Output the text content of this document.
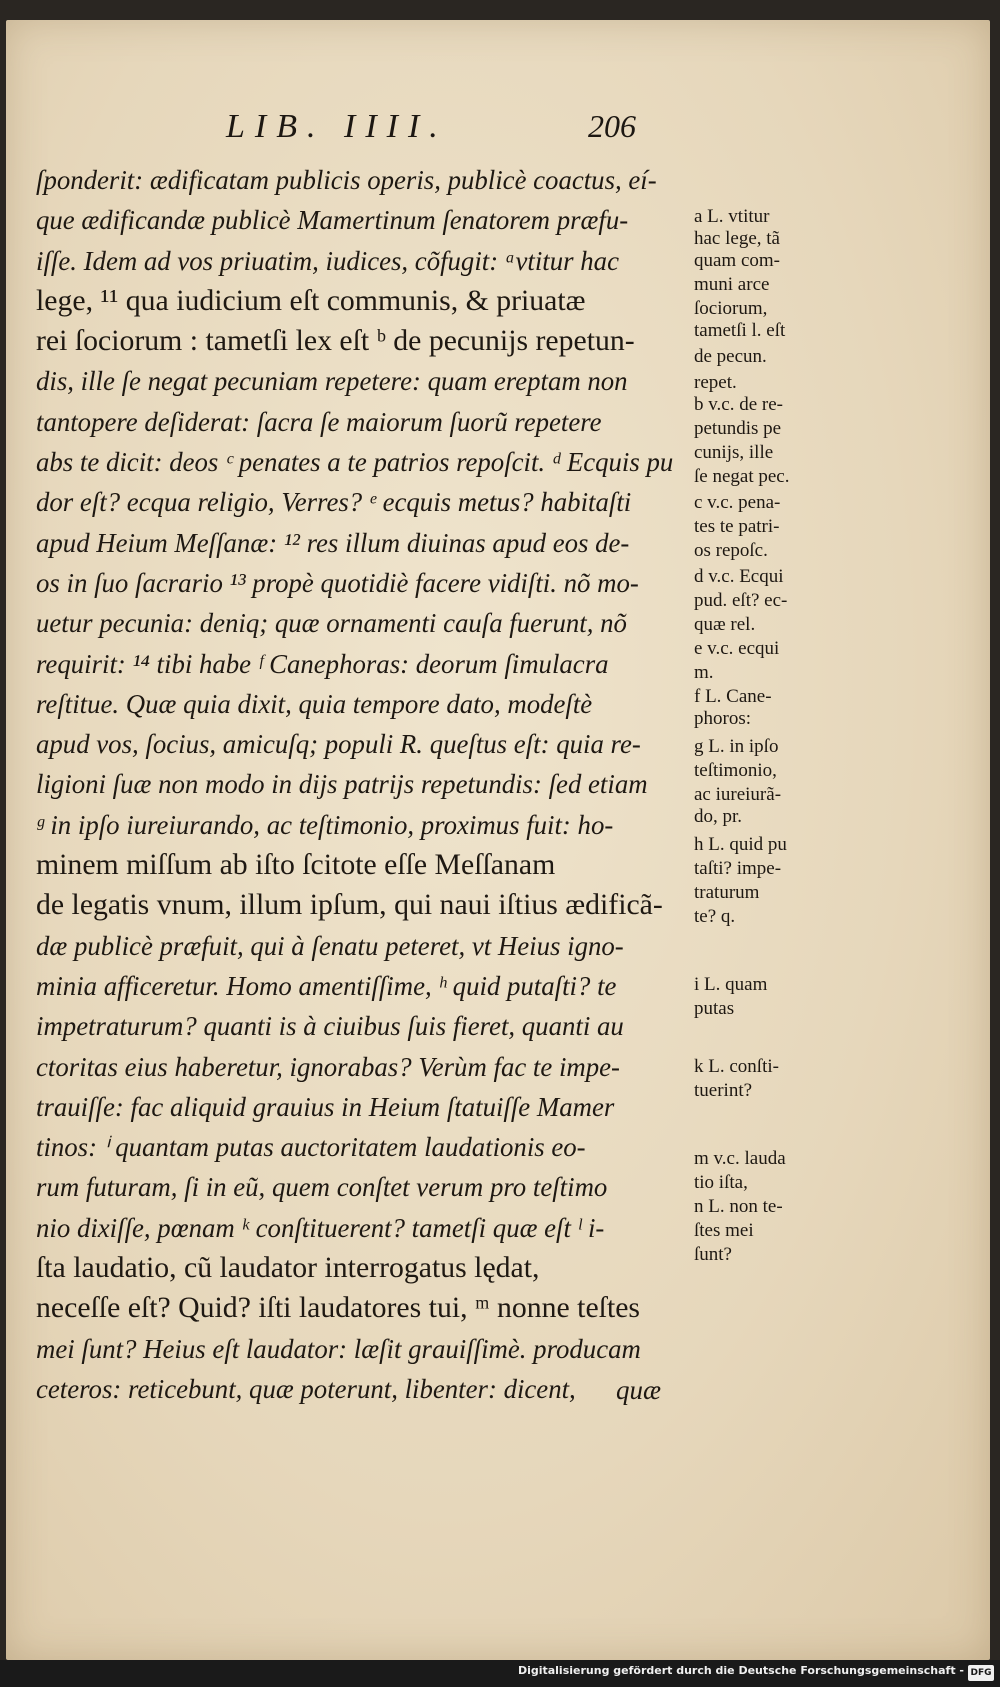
LIB. IIII.	206
ſponderit: ædificatam publicis operis, publicè coactus, eí-
que ædificandæ publicè Mamertinum ſenatorem præfu-
iſſe. Idem ad vos priuatim, iudices, cõfugit: ᵃvtitur hac
lege, ¹¹ qua iudicium eſt communis, & priuatæ
rei ſociorum : tametſi lex eſt ᵇ de pecunijs repetun-
dis, ille ſe negat pecuniam repetere: quam ereptam non
tantopere deſiderat: ſacra ſe maiorum ſuorũ repetere
abs te dicit: deos ᶜ penates a te patrios repoſcit. ᵈ Ecquis pu
dor eſt? ecqua religio, Verres? ᵉ ecquis metus? habitaſti
apud Heium Meſſanæ: ¹² res illum diuinas apud eos de-
os in ſuo ſacrario ¹³ propè quotidiè facere vidiſti. nõ mo-
uetur pecunia: deniq; quæ ornamenti cauſa fuerunt, nõ
requirit: ¹⁴ tibi habe ᶠ Canephoras: deorum ſimulacra
reſtitue. Quæ quia dixit, quia tempore dato, modeſtè
apud vos, ſocius, amicuſq; populi R. queſtus eſt: quia re-
ligioni ſuæ non modo in dijs patrijs repetundis: ſed etiam
ᵍ in ipſo iureiurando, ac teſtimonio, proximus fuit: ho-
minem miſſum ab iſto ſcitote eſſe Meſſanam
de legatis vnum, illum ipſum, qui naui iſtius ædificã-
dæ publicè præfuit, qui à ſenatu peteret, vt Heius igno-
minia afficeretur. Homo amentiſſime, ʰ quid putaſti? te
impetraturum? quanti is à ciuibus ſuis fieret, quanti au
ctoritas eius haberetur, ignorabas? Verùm fac te impe-
trauiſſe: fac aliquid grauius in Heium ſtatuiſſe Mamer
tinos: ⁱ quantam putas auctoritatem laudationis eo-
rum futuram, ſi in eũ, quem conſtet verum pro teſtimo
nio dixiſſe, pœnam ᵏ conſtituerent? tametſi quæ eſt ˡ i-
ſta laudatio, cũ laudator interrogatus lędat,
neceſſe eſt? Quid? iſti laudatores tui, ᵐ nonne teſtes
mei ſunt? Heius eſt laudator: læſit grauiſſimè. producam
ceteros: reticebunt, quæ poterunt, libenter: dicent,
a L. vtitur
hac lege, tã
quam com-
muni arce
ſociorum,
tametſi l. eſt
de pecun.
repet.
b v.c. de re-
petundis pe
cunijs, ille
ſe negat pec.
c v.c. pena-
tes te patri-
os repoſc.
d v.c. Ecqui
pud. eſt? ec-
quæ rel.
e v.c. ecqui
m.
f L. Cane-
phoros:
g L. in ipſo
teſtimonio,
ac iureiurã-
do, pr.
h L. quid pu
taſti? impe-
traturum
te? q.
i L. quam
putas
k L. conſti-
tuerint?
m v.c. lauda
tio iſta,
n L. non te-
ſtes mei
ſunt?
quæ
Digitalisierung gefördert durch die Deutsche Forschungsgemeinschaft - DFG
